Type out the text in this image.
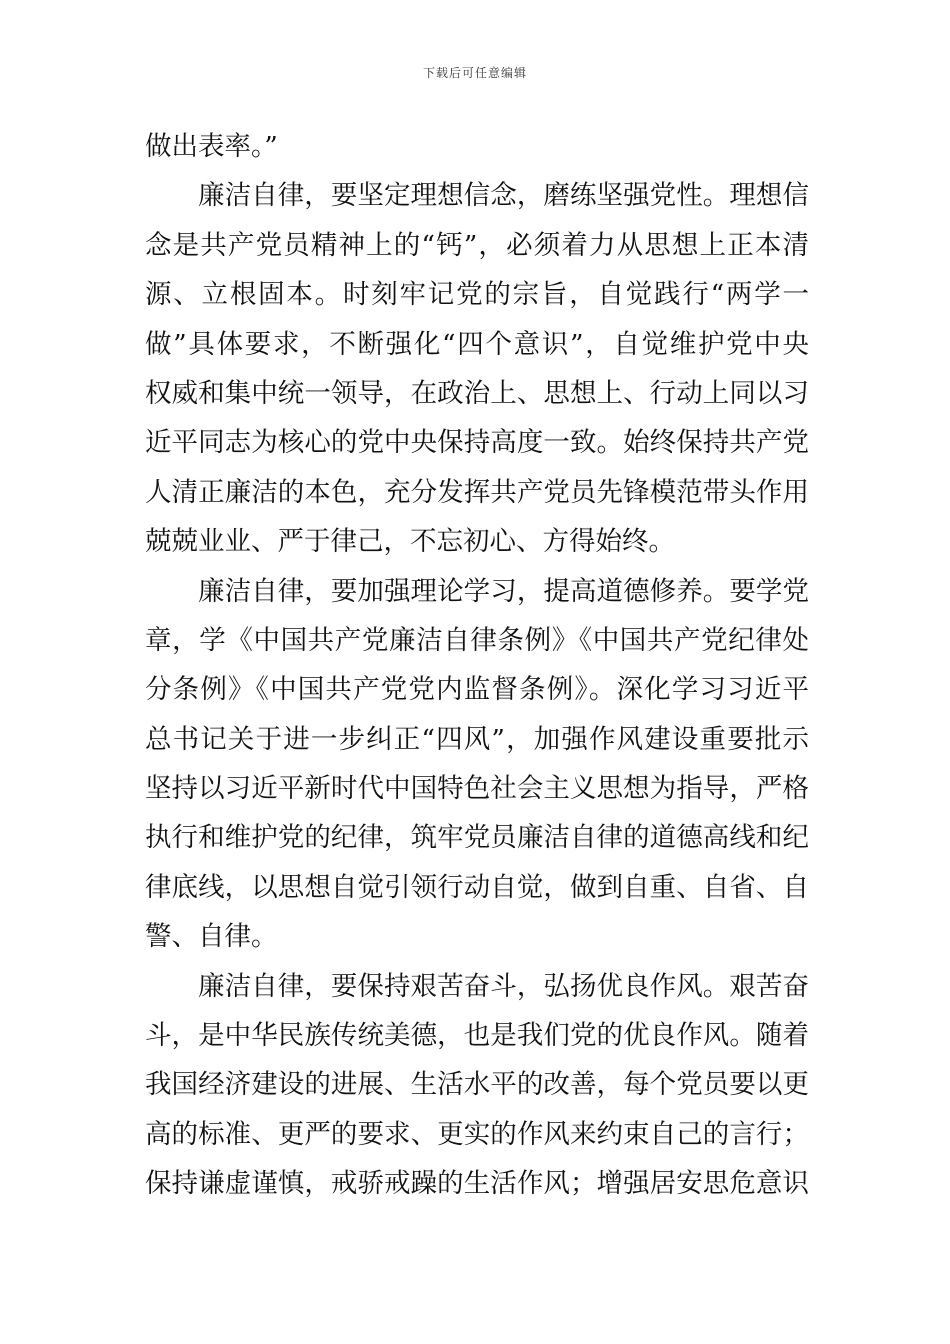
下载后可任意编辑
做出表率。”
廉洁自律，要坚定理想信念，磨练坚强党性。理想信
念是共产党员精神上的“钙”，必须着力从思想上正本清
源、立根固本。时刻牢记党的宗旨，自觉践行“两学一
做”具体要求，不断强化“四个意识”，自觉维护党中央
权威和集中统一领导，在政治上、思想上、行动上同以习
近平同志为核心的党中央保持高度一致。始终保持共产党
人清正廉洁的本色，充分发挥共产党员先锋模范带头作用
兢兢业业、严于律己，不忘初心、方得始终。
廉洁自律，要加强理论学习，提高道德修养。要学党
章，学《中国共产党廉洁自律条例》《中国共产党纪律处
分条例》《中国共产党党内监督条例》。深化学习习近平
总书记关于进一步纠正“四风”，加强作风建设重要批示
坚持以习近平新时代中国特色社会主义思想为指导，严格
执行和维护党的纪律，筑牢党员廉洁自律的道德高线和纪
律底线，以思想自觉引领行动自觉，做到自重、自省、自
警、自律。
廉洁自律，要保持艰苦奋斗，弘扬优良作风。艰苦奋
斗，是中华民族传统美德，也是我们党的优良作风。随着
我国经济建设的进展、生活水平的改善，每个党员要以更
高的标准、更严的要求、更实的作风来约束自己的言行；
保持谦虚谨慎，戒骄戒躁的生活作风；增强居安思危意识
